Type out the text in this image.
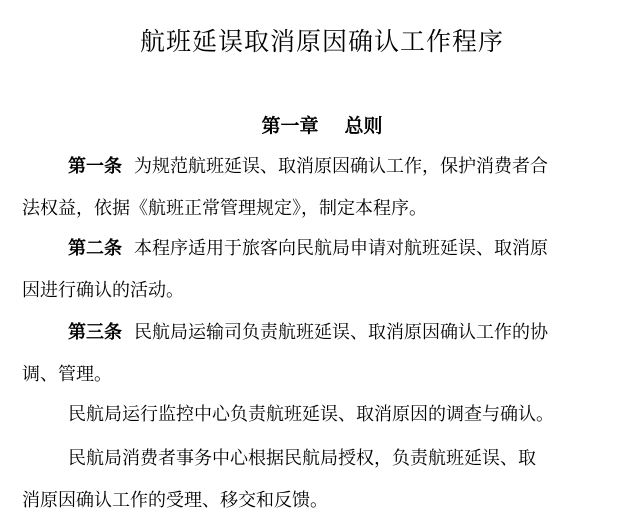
航班延误取消原因确认工作程序
第一章 总则
第一条 为规范航班延误、取消原因确认工作，保护消费者合
法权益，依据《航班正常管理规定》，制定本程序。
第二条 本程序适用于旅客向民航局申请对航班延误、取消原
因进行确认的活动。
第三条 民航局运输司负责航班延误、取消原因确认工作的协
调、管理。
民航局运行监控中心负责航班延误、取消原因的调查与确认。
民航局消费者事务中心根据民航局授权，负责航班延误、取
消原因确认工作的受理、移交和反馈。
